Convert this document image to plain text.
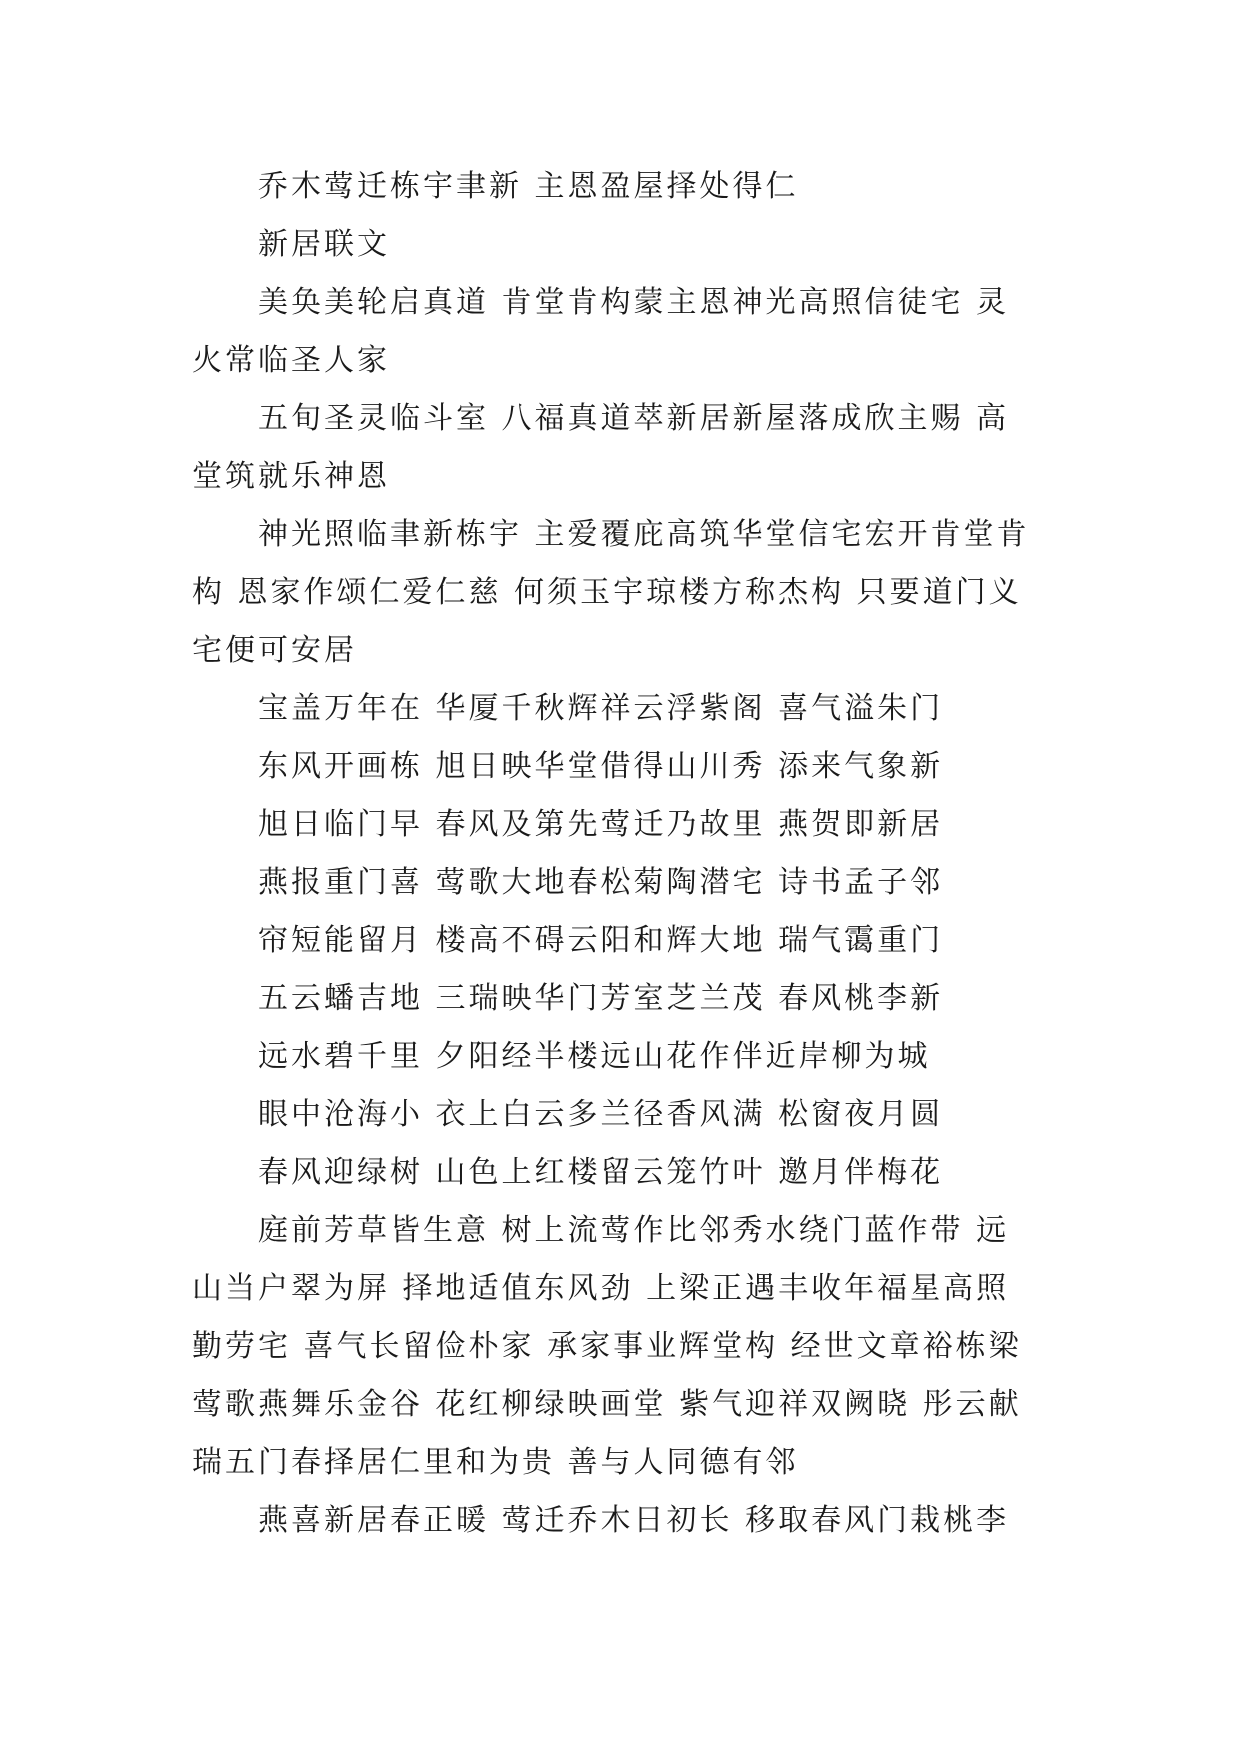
乔木莺迁栋宇聿新 主恩盈屋择处得仁
新居联文
美奂美轮启真道 肯堂肯构蒙主恩神光高照信徒宅 灵
火常临圣人家
五旬圣灵临斗室 八福真道萃新居新屋落成欣主赐 高
堂筑就乐神恩
神光照临聿新栋宇 主爱覆庇高筑华堂信宅宏开肯堂肯
构 恩家作颂仁爱仁慈 何须玉宇琼楼方称杰构 只要道门义
宅便可安居
宝盖万年在 华厦千秋辉祥云浮紫阁 喜气溢朱门
东风开画栋 旭日映华堂借得山川秀 添来气象新
旭日临门早 春风及第先莺迁乃故里 燕贺即新居
燕报重门喜 莺歌大地春松菊陶潜宅 诗书孟子邻
帘短能留月 楼高不碍云阳和辉大地 瑞气霭重门
五云蟠吉地 三瑞映华门芳室芝兰茂 春风桃李新
远水碧千里 夕阳经半楼远山花作伴近岸柳为城
眼中沧海小 衣上白云多兰径香风满 松窗夜月圆
春风迎绿树 山色上红楼留云笼竹叶 邀月伴梅花
庭前芳草皆生意 树上流莺作比邻秀水绕门蓝作带 远
山当户翠为屏 择地适值东风劲 上梁正遇丰收年福星高照
勤劳宅 喜气长留俭朴家 承家事业辉堂构 经世文章裕栋梁
莺歌燕舞乐金谷 花红柳绿映画堂 紫气迎祥双阙晓 彤云献
瑞五门春择居仁里和为贵 善与人同德有邻
燕喜新居春正暖 莺迁乔木日初长 移取春风门栽桃李
